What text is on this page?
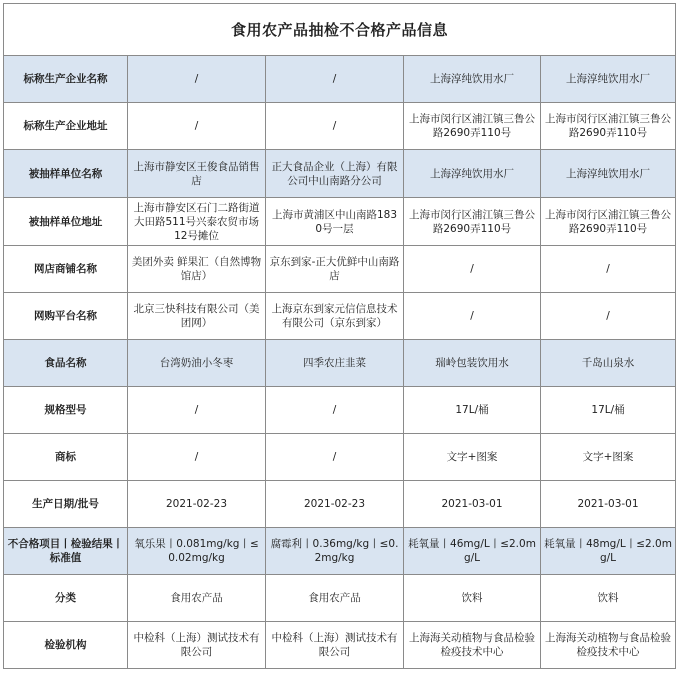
食用农产品抽检不合格产品信息				
标称生产企业名称	/	/	上海淳纯饮用水厂	上海淳纯饮用水厂
标称生产企业地址	/	/	上海市闵行区浦江镇三鲁公路2690弄110号	上海市闵行区浦江镇三鲁公路2690弄110号
被抽样单位名称	上海市静安区王俊食品销售店	正大食品企业（上海）有限公司中山南路分公司	上海淳纯饮用水厂	上海淳纯饮用水厂
被抽样单位地址	上海市静安区石门二路街道大田路511号兴泰农贸市场12号摊位	上海市黄浦区中山南路1830号一层	上海市闵行区浦江镇三鲁公路2690弄110号	上海市闵行区浦江镇三鲁公路2690弄110号
网店商铺名称	美团外卖 鲜果汇（自然博物馆店）	京东到家-正大优鲜中山南路店	/	/
网购平台名称	北京三快科技有限公司（美团网）	上海京东到家元信信息技术有限公司（京东到家）	/	/
食品名称	台湾奶油小冬枣	四季农庄韭菜	瑞岭包装饮用水	千岛山泉水
规格型号	/	/	17L/桶	17L/桶
商标	/	/	文字+图案	文字+图案
生产日期/批号	2021-02-23	2021-02-23	2021-03-01	2021-03-01
不合格项目丨检验结果丨标准值	氧乐果丨0.081mg/kg丨≤0.02mg/kg	腐霉利丨0.36mg/kg丨≤0.2mg/kg	耗氧量丨46mg/L丨≤2.0mg/L	耗氧量丨48mg/L丨≤2.0mg/L
分类	食用农产品	食用农产品	饮料	饮料
检验机构	中检科（上海）测试技术有限公司	中检科（上海）测试技术有限公司	上海海关动植物与食品检验检疫技术中心	上海海关动植物与食品检验检疫技术中心
